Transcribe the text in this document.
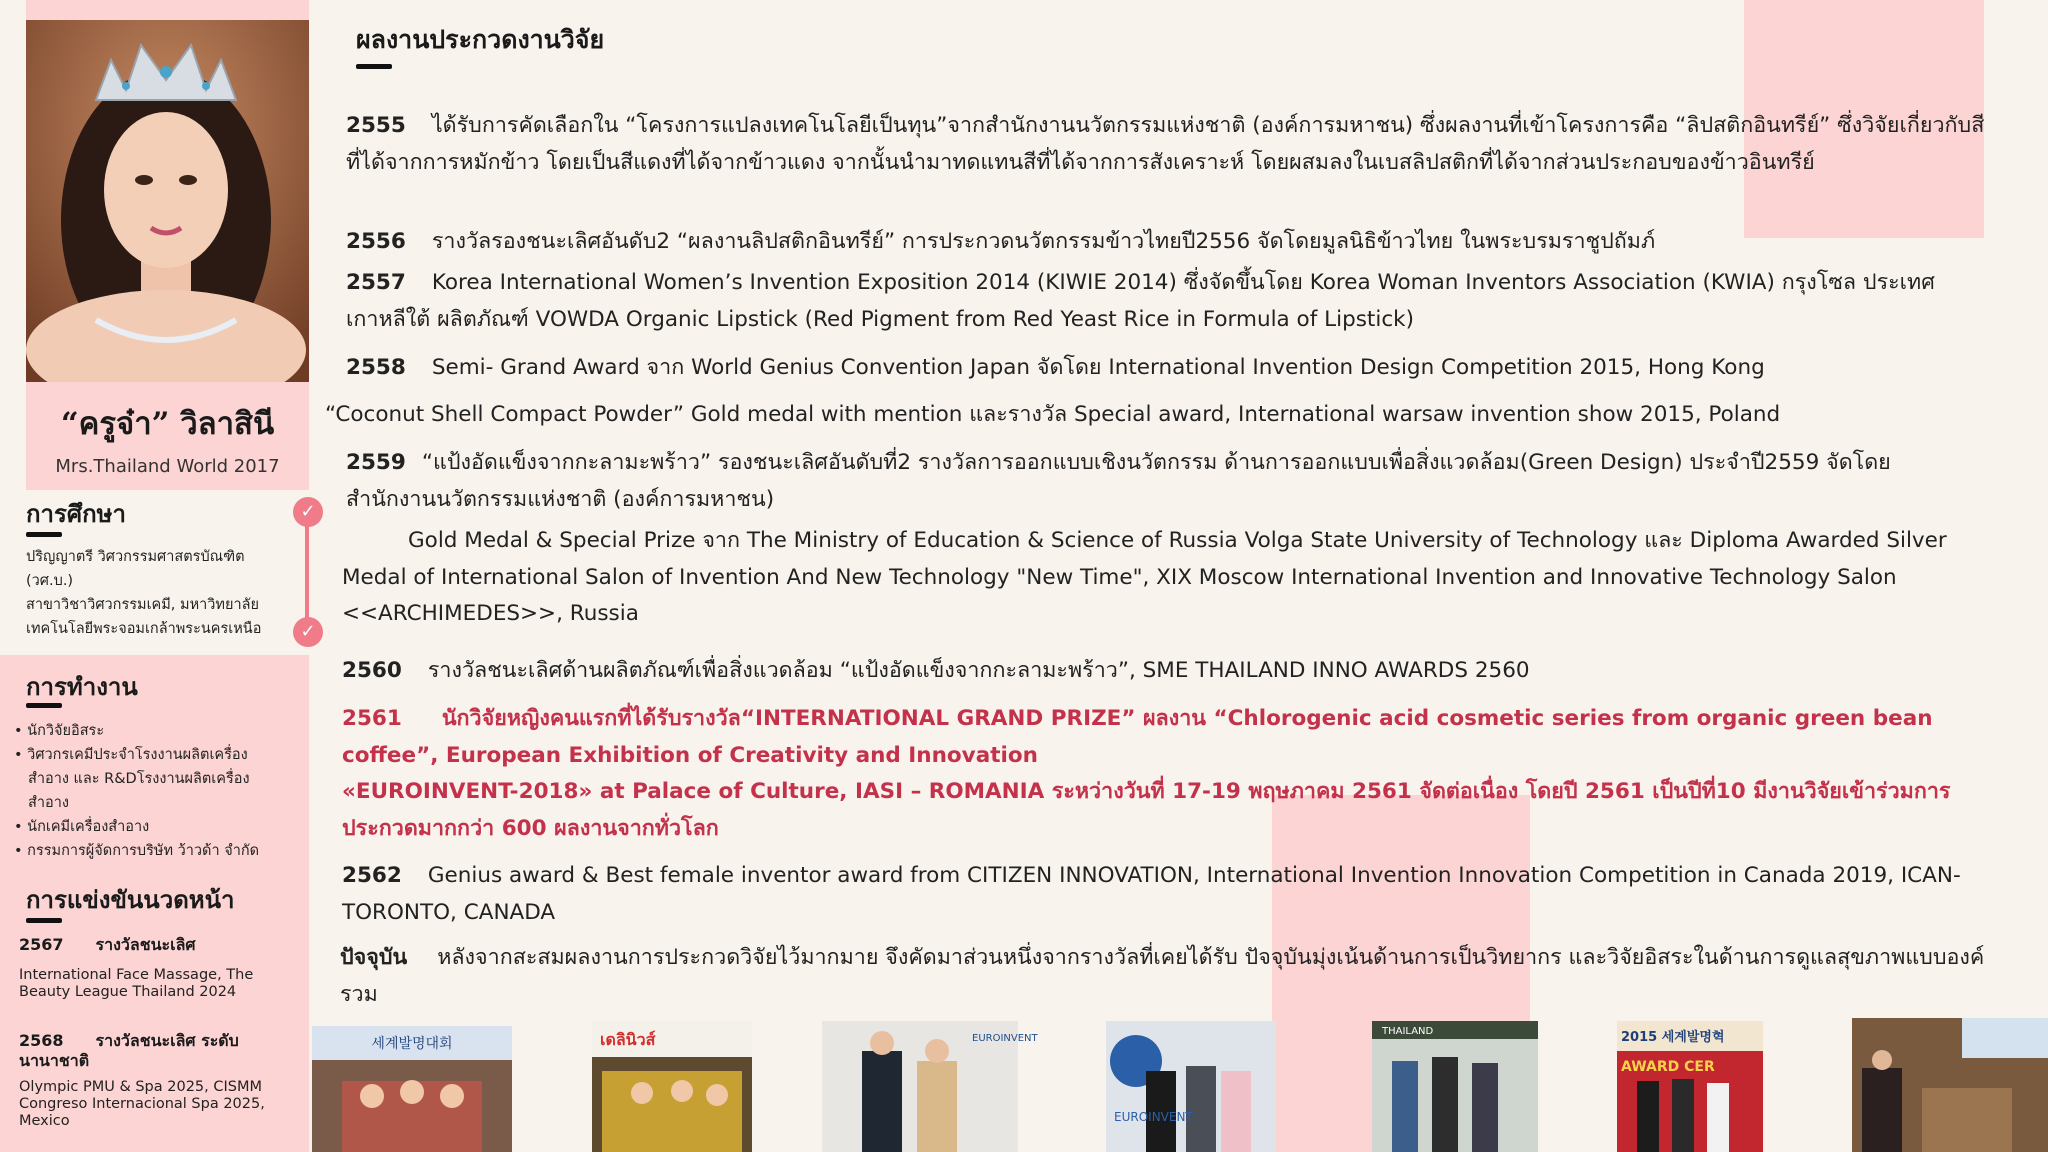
“ครูจ๋า” วิลาสินี
Mrs.Thailand World 2017
การศึกษา
ปริญญาตรี วิศวกรรมศาสตรบัณฑิต
(วศ.บ.)
สาขาวิชาวิศวกรรมเคมี, มหาวิทยาลัย
เทคโนโลยีพระจอมเกล้าพระนครเหนือ
✓
✓
การทำงาน
• นักวิจัยอิสระ
• วิศวกรเคมีประจำโรงงานผลิตเครื่องสำอาง และ R&Dโรงงานผลิตเครื่องสำอาง
• นักเคมีเครื่องสำอาง
• กรรมการผู้จัดการบริษัท ว้าวด้า จำกัด
การแข่งขันนวดหน้า
2567 รางวัลชนะเลิศ
International Face Massage, The Beauty League Thailand 2024
2568 รางวัลชนะเลิศ ระดับนานาชาติ
Olympic PMU & Spa 2025, CISMM Congreso Internacional Spa 2025, Mexico
ผลงานประกวดงานวิจัย
2555 ได้รับการคัดเลือกใน “โครงการแปลงเทคโนโลยีเป็นทุน”จากสำนักงานนวัตกรรมแห่งชาติ (องค์การมหาชน) ซึ่งผลงานที่เข้าโครงการคือ “ลิปสติกอินทรีย์” ซึ่งวิจัยเกี่ยวกับสีที่ได้จากการหมักข้าว โดยเป็นสีแดงที่ได้จากข้าวแดง จากนั้นนำมาทดแทนสีที่ได้จากการสังเคราะห์ โดยผสมลงในเบสลิปสติกที่ได้จากส่วนประกอบของข้าวอินทรีย์
2556 รางวัลรองชนะเลิศอันดับ2 “ผลงานลิปสติกอินทรีย์” การประกวดนวัตกรรมข้าวไทยปี2556 จัดโดยมูลนิธิข้าวไทย ในพระบรมราชูปถัมภ์
2557 Korea International Women’s Invention Exposition 2014 (KIWIE 2014) ซึ่งจัดขึ้นโดย Korea Woman Inventors Association (KWIA) กรุงโซล ประเทศเกาหลีใต้ ผลิตภัณฑ์ VOWDA Organic Lipstick (Red Pigment from Red Yeast Rice in Formula of Lipstick)
2558 Semi- Grand Award จาก World Genius Convention Japan จัดโดย International Invention Design Competition 2015, Hong Kong
“Coconut Shell Compact Powder” Gold medal with mention และรางวัล Special award, International warsaw invention show 2015, Poland
2559 “แป้งอัดแข็งจากกะลามะพร้าว” รองชนะเลิศอันดับที่2 รางวัลการออกแบบเชิงนวัตกรรม ด้านการออกแบบเพื่อสิ่งแวดล้อม(Green Design) ประจำปี2559 จัดโดย สำนักงานนวัตกรรมแห่งชาติ (องค์การมหาชน)
Gold Medal & Special Prize จาก The Ministry of Education & Science of Russia Volga State University of Technology และ Diploma Awarded Silver Medal of International Salon of Invention And New Technology "New Time", XIX Moscow International Invention and Innovative Technology Salon <<ARCHIMEDES>>, Russia
2560 รางวัลชนะเลิศด้านผลิตภัณฑ์เพื่อสิ่งแวดล้อม “แป้งอัดแข็งจากกะลามะพร้าว”, SME THAILAND INNO AWARDS 2560
2561 นักวิจัยหญิงคนแรกที่ได้รับรางวัล“INTERNATIONAL GRAND PRIZE” ผลงาน “Chlorogenic acid cosmetic series from organic green bean coffee”, European Exhibition of Creativity and Innovation
«EUROINVENT-2018» at Palace of Culture, IASI – ROMANIA ระหว่างวันที่ 17-19 พฤษภาคม 2561 จัดต่อเนื่อง โดยปี 2561 เป็นปีที่10 มีงานวิจัยเข้าร่วมการประกวดมากกว่า 600 ผลงานจากทั่วโลก
2562 Genius award & Best female inventor award from CITIZEN INNOVATION, International Invention Innovation Competition in Canada 2019, ICAN-TORONTO, CANADA
ปัจจุบัน หลังจากสะสมผลงานการประกวดวิจัยไว้มากมาย จึงคัดมาส่วนหนึ่งจากรางวัลที่เคยได้รับ ปัจจุบันมุ่งเน้นด้านการเป็นวิทยากร และวิจัยอิสระในด้านการดูแลสุขภาพแบบองค์รวม
세계발명대회	เดลินิวส์	EUROINVENT
EUROINVENT
THAILAND	2015 세계발명혁
AWARD CER
